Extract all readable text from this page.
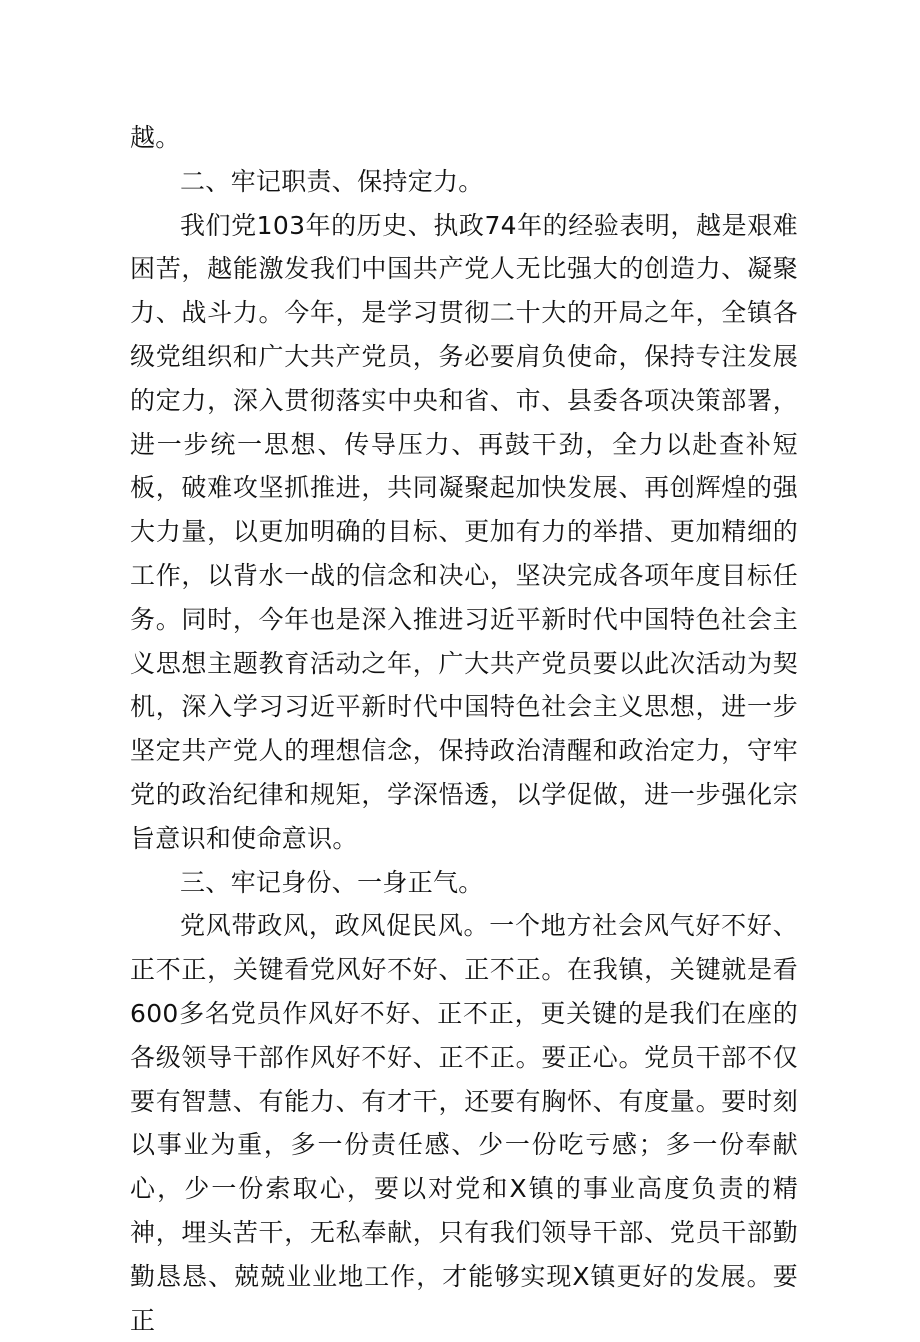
越。

二、牢记职责、保持定力。

我们党103年的历史、执政74年的经验表明，越是艰难困苦，越能激发我们中国共产党人无比强大的创造力、凝聚力、战斗力。今年，是学习贯彻二十大的开局之年，全镇各级党组织和广大共产党员，务必要肩负使命，保持专注发展的定力，深入贯彻落实中央和省、市、县委各项决策部署，进一步统一思想、传导压力、再鼓干劲，全力以赴查补短板，破难攻坚抓推进，共同凝聚起加快发展、再创辉煌的强大力量，以更加明确的目标、更加有力的举措、更加精细的工作，以背水一战的信念和决心，坚决完成各项年度目标任务。同时，今年也是深入推进习近平新时代中国特色社会主义思想主题教育活动之年，广大共产党员要以此次活动为契机，深入学习习近平新时代中国特色社会主义思想，进一步坚定共产党人的理想信念，保持政治清醒和政治定力，守牢党的政治纪律和规矩，学深悟透，以学促做，进一步强化宗旨意识和使命意识。

三、牢记身份、一身正气。

党风带政风，政风促民风。一个地方社会风气好不好、正不正，关键看党风好不好、正不正。在我镇，关键就是看600多名党员作风好不好、正不正，更关键的是我们在座的各级领导干部作风好不好、正不正。要正心。党员干部不仅要有智慧、有能力、有才干，还要有胸怀、有度量。要时刻以事业为重，多一份责任感、少一份吃亏感；多一份奉献心，少一份索取心，要以对党和X镇的事业高度负责的精神，埋头苦干，无私奉献，只有我们领导干部、党员干部勤勤恳恳、兢兢业业地工作，才能够实现X镇更好的发展。要正
